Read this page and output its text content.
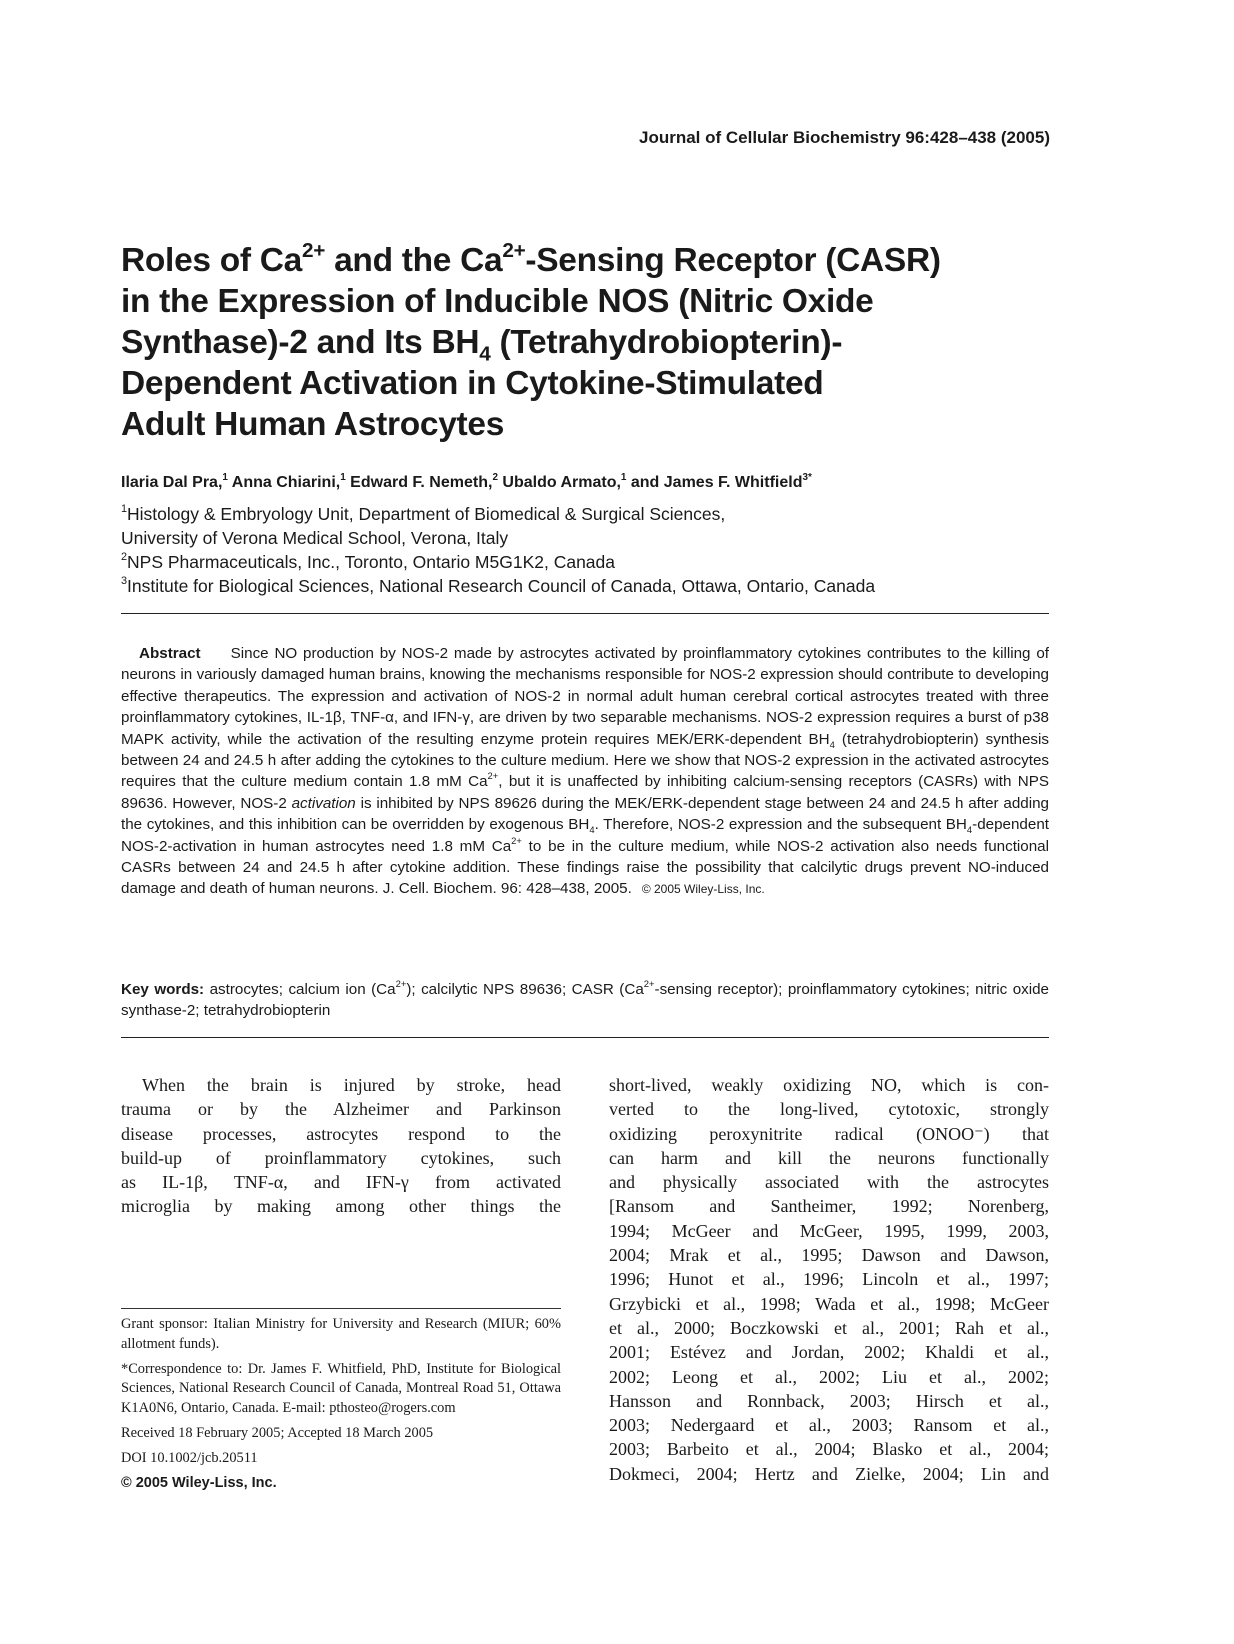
Journal of Cellular Biochemistry 96:428–438 (2005)
Roles of $Ca^{2+}$ and the $Ca^{2+}$-Sensing Receptor (CASR)
in the Expression of Inducible NOS (Nitric Oxide
Synthase)-2 and Its $BH_4$ (Tetrahydrobiopterin)-
Dependent Activation in Cytokine-Stimulated
Adult Human Astrocytes
Ilaria Dal Pra,$^1$ Anna Chiarini,$^1$ Edward F. Nemeth,$^2$ Ubaldo Armato,$^1$ and James F. Whitfield$^{3*}$
$^1$Histology & Embryology Unit, Department of Biomedical & Surgical Sciences,
University of Verona Medical School, Verona, Italy
$^2$NPS Pharmaceuticals, Inc., Toronto, Ontario M5G1K2, Canada
$^3$Institute for Biological Sciences, National Research Council of Canada, Ottawa, Ontario, Canada

Abstract Since NO production by NOS-2 made by astrocytes activated by proinflammatory cytokines contributes to the killing of neurons in variously damaged human brains, knowing the mechanisms responsible for NOS-2 expression should contribute to developing effective therapeutics. The expression and activation of NOS-2 in normal adult human cerebral cortical astrocytes treated with three proinflammatory cytokines, IL-1β, TNF-α, and IFN-γ, are driven by two separable mechanisms. NOS-2 expression requires a burst of p38 MAPK activity, while the activation of the resulting enzyme protein requires MEK/ERK-dependent $BH_4$ (tetrahydrobiopterin) synthesis between 24 and 24.5 h after adding the cytokines to the culture medium. Here we show that NOS-2 expression in the activated astrocytes requires that the culture medium contain 1.8 mM $Ca^{2+}$, but it is unaffected by inhibiting calcium-sensing receptors (CASRs) with NPS 89636. However, NOS-2 activation is inhibited by NPS 89626 during the MEK/ERK-dependent stage between 24 and 24.5 h after adding the cytokines, and this inhibition can be overridden by exogenous $BH_4$. Therefore, NOS-2 expression and the subsequent $BH_4$-dependent NOS-2-activation in human astrocytes need 1.8 mM $Ca^{2+}$ to be in the culture medium, while NOS-2 activation also needs functional CASRs between 24 and 24.5 h after cytokine addition. These findings raise the possibility that calcilytic drugs prevent NO-induced damage and death of human neurons. J. Cell. Biochem. 96: 428–438, 2005. © 2005 Wiley-Liss, Inc.

Key words: astrocytes; calcium ion $(Ca^{2+})$; calcilytic NPS 89636; CASR ($Ca^{2+}$-sensing receptor); proinflammatory cytokines; nitric oxide synthase-2; tetrahydrobiopterin

When the brain is injured by stroke, head
trauma or by the Alzheimer and Parkinson
disease processes, astrocytes respond to the
build-up of proinflammatory cytokines, such
as IL-1β, TNF-α, and IFN-γ from activated
microglia by making among other things the
short-lived, weakly oxidizing NO, which is con-
verted to the long-lived, cytotoxic, strongly
oxidizing peroxynitrite radical (ONOO⁻) that
can harm and kill the neurons functionally
and physically associated with the astrocytes
[Ransom and Santheimer, 1992; Norenberg,
1994; McGeer and McGeer, 1995, 1999, 2003,
2004; Mrak et al., 1995; Dawson and Dawson,
1996; Hunot et al., 1996; Lincoln et al., 1997;
Grzybicki et al., 1998; Wada et al., 1998; McGeer
et al., 2000; Boczkowski et al., 2001; Rah et al.,
2001; Estévez and Jordan, 2002; Khaldi et al.,
2002; Leong et al., 2002; Liu et al., 2002;
Hansson and Ronnback, 2003; Hirsch et al.,
2003; Nedergaard et al., 2003; Ransom et al.,
2003; Barbeito et al., 2004; Blasko et al., 2004;
Dokmeci, 2004; Hertz and Zielke, 2004; Lin and

Grant sponsor: Italian Ministry for University and Research (MIUR; 60% allotment funds).

*Correspondence to: Dr. James F. Whitfield, PhD, Institute for Biological Sciences, National Research Council of Canada, Montreal Road 51, Ottawa K1A0N6, Ontario, Canada. E-mail: pthosteo@rogers.com

Received 18 February 2005; Accepted 18 March 2005

DOI 10.1002/jcb.20511

© 2005 Wiley-Liss, Inc.
